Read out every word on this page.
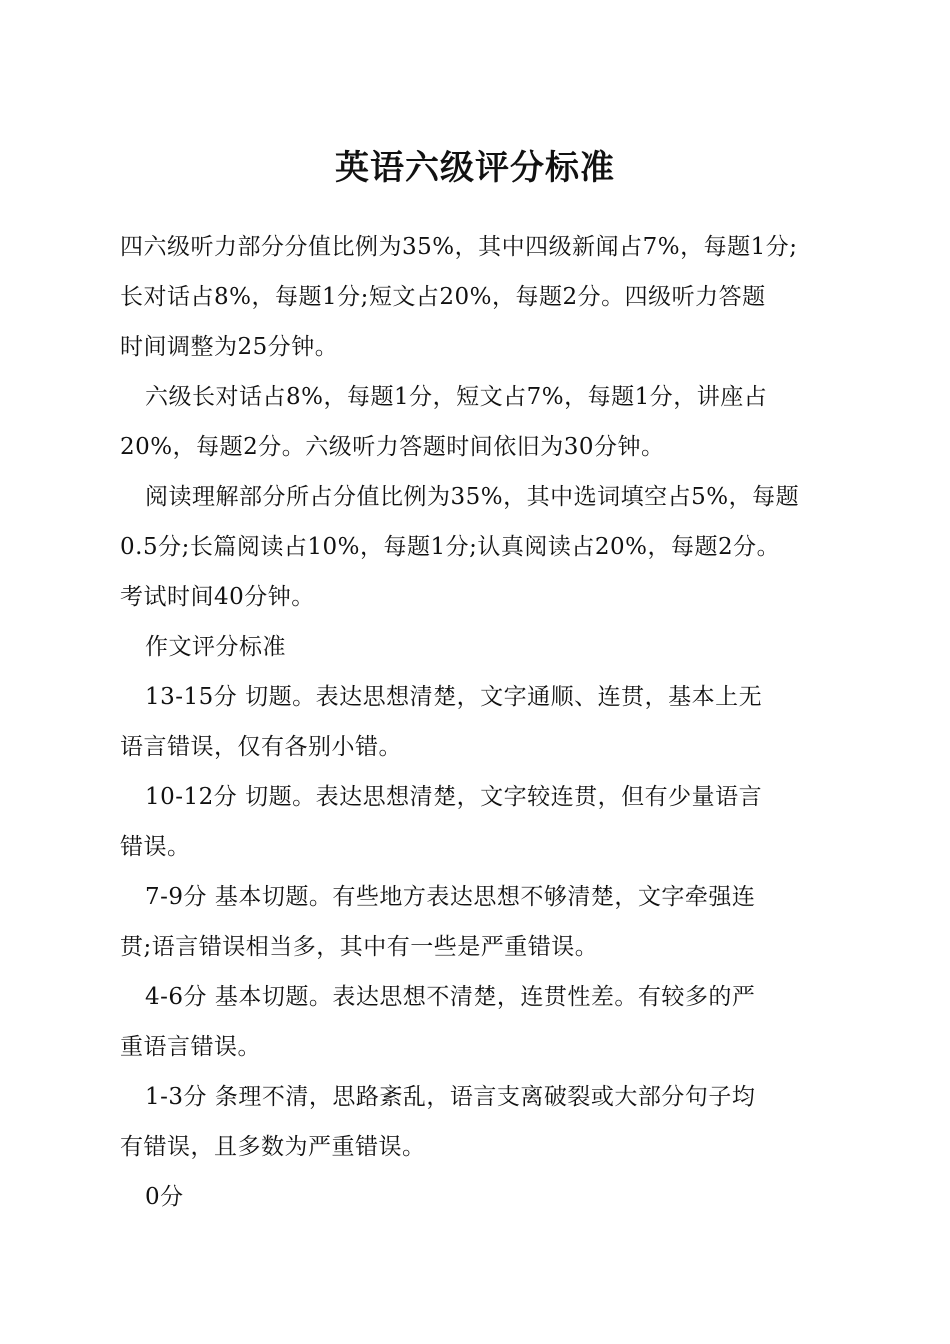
英语六级评分标准
四六级听力部分分值比例为35%，其中四级新闻占7%，每题1分;
长对话占8%，每题1分;短文占20%，每题2分。四级听力答题
时间调整为25分钟。
六级长对话占8%，每题1分，短文占7%，每题1分，讲座占
20%，每题2分。六级听力答题时间依旧为30分钟。
阅读理解部分所占分值比例为35%，其中选词填空占5%，每题
0.5分;长篇阅读占10%，每题1分;认真阅读占20%，每题2分。
考试时间40分钟。
作文评分标准
13-15分 切题。表达思想清楚，文字通顺、连贯，基本上无
语言错误，仅有各别小错。
10-12分 切题。表达思想清楚，文字较连贯，但有少量语言
错误。
7-9分 基本切题。有些地方表达思想不够清楚，文字牵强连
贯;语言错误相当多，其中有一些是严重错误。
4-6分 基本切题。表达思想不清楚，连贯性差。有较多的严
重语言错误。
1-3分 条理不清，思路紊乱，语言支离破裂或大部分句子均
有错误，且多数为严重错误。
0分
